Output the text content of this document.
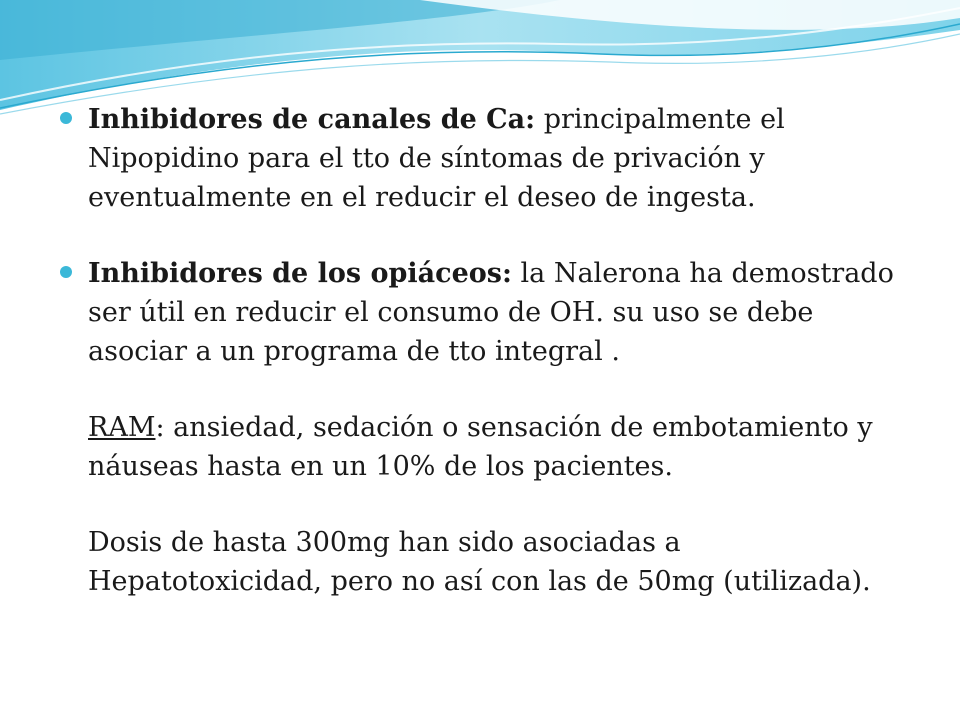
Inhibidores de canales de Ca: principalmente el Nipopidino para el tto de síntomas de privación y eventualmente en el reducir el deseo de ingesta.
Inhibidores de los opiáceos: la Nalerona ha demostrado ser útil en reducir el consumo de OH. su uso se debe asociar a un programa de tto integral .
RAM: ansiedad, sedación o sensación de embotamiento y náuseas hasta en un 10% de los pacientes.
Dosis de hasta 300mg han sido asociadas a Hepatotoxicidad, pero no así con las de 50mg (utilizada).
